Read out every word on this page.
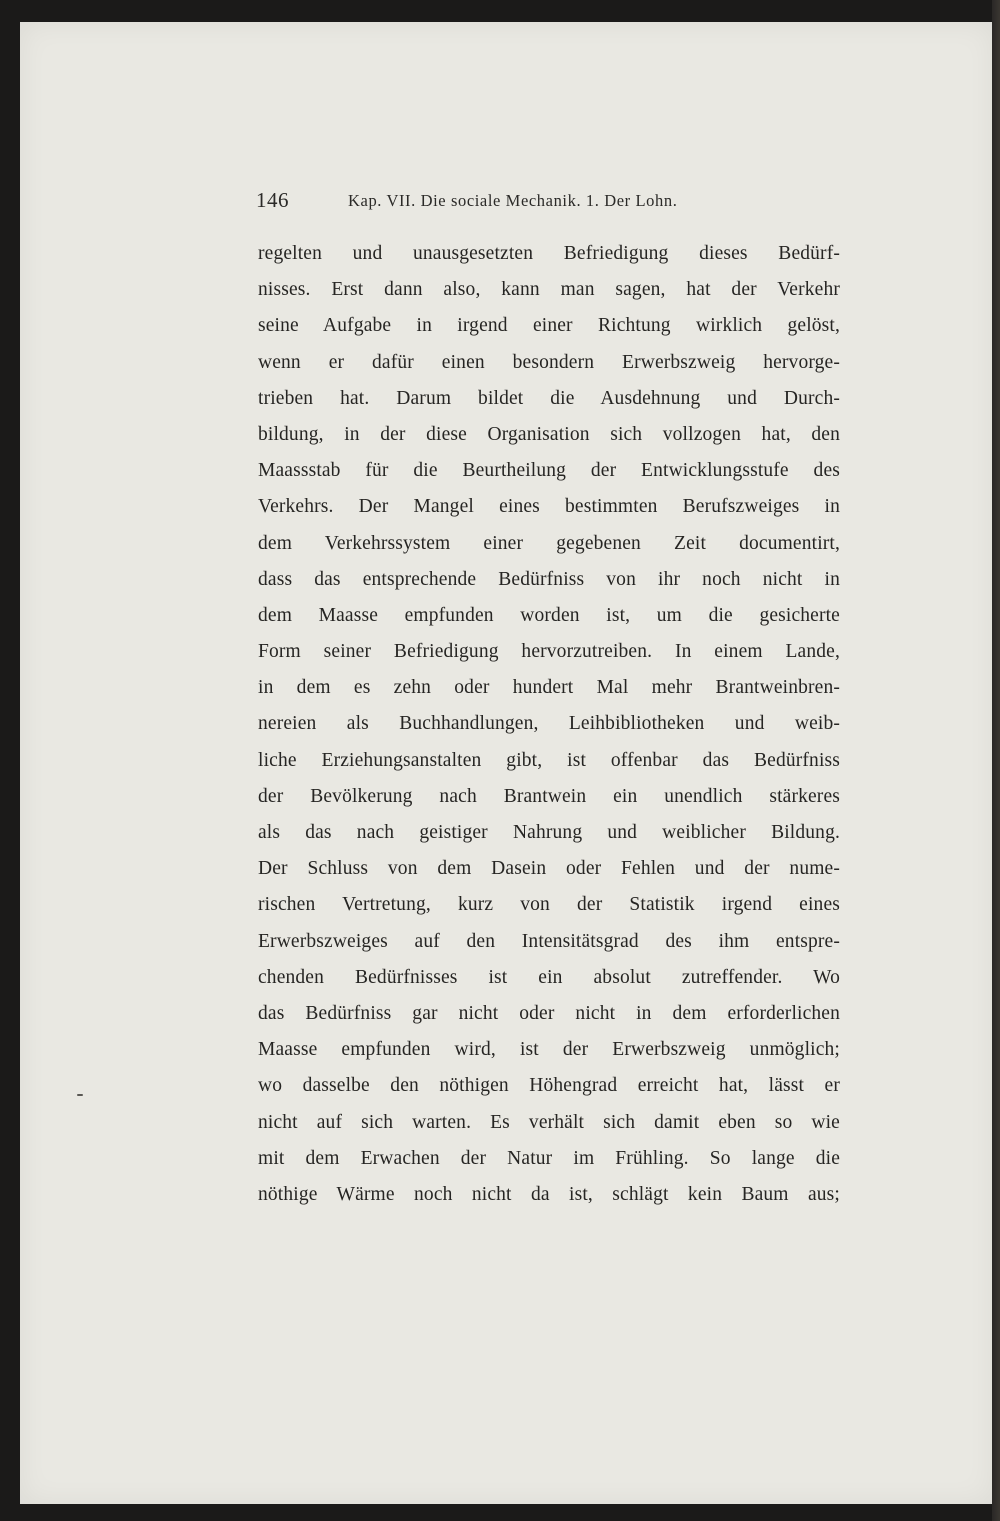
146	Kap. VII. Die sociale Mechanik. 1. Der Lohn.
regelten und unausgesetzten Befriedigung dieses Bedürf-
nisses. Erst dann also, kann man sagen, hat der Verkehr
seine Aufgabe in irgend einer Richtung wirklich gelöst,
wenn er dafür einen besondern Erwerbszweig hervorge-
trieben hat. Darum bildet die Ausdehnung und Durch-
bildung, in der diese Organisation sich vollzogen hat, den
Maassstab für die Beurtheilung der Entwicklungsstufe des
Verkehrs. Der Mangel eines bestimmten Berufszweiges in
dem Verkehrssystem einer gegebenen Zeit documentirt,
dass das entsprechende Bedürfniss von ihr noch nicht in
dem Maasse empfunden worden ist, um die gesicherte
Form seiner Befriedigung hervorzutreiben. In einem Lande,
in dem es zehn oder hundert Mal mehr Brantweinbren-
nereien als Buchhandlungen, Leihbibliotheken und weib-
liche Erziehungsanstalten gibt, ist offenbar das Bedürfniss
der Bevölkerung nach Brantwein ein unendlich stärkeres
als das nach geistiger Nahrung und weiblicher Bildung.
Der Schluss von dem Dasein oder Fehlen und der nume-
rischen Vertretung, kurz von der Statistik irgend eines
Erwerbszweiges auf den Intensitätsgrad des ihm entspre-
chenden Bedürfnisses ist ein absolut zutreffender. Wo
das Bedürfniss gar nicht oder nicht in dem erforderlichen
Maasse empfunden wird, ist der Erwerbszweig unmöglich;
wo dasselbe den nöthigen Höhengrad erreicht hat, lässt er
nicht auf sich warten. Es verhält sich damit eben so wie
mit dem Erwachen der Natur im Frühling. So lange die
nöthige Wärme noch nicht da ist, schlägt kein Baum aus;
